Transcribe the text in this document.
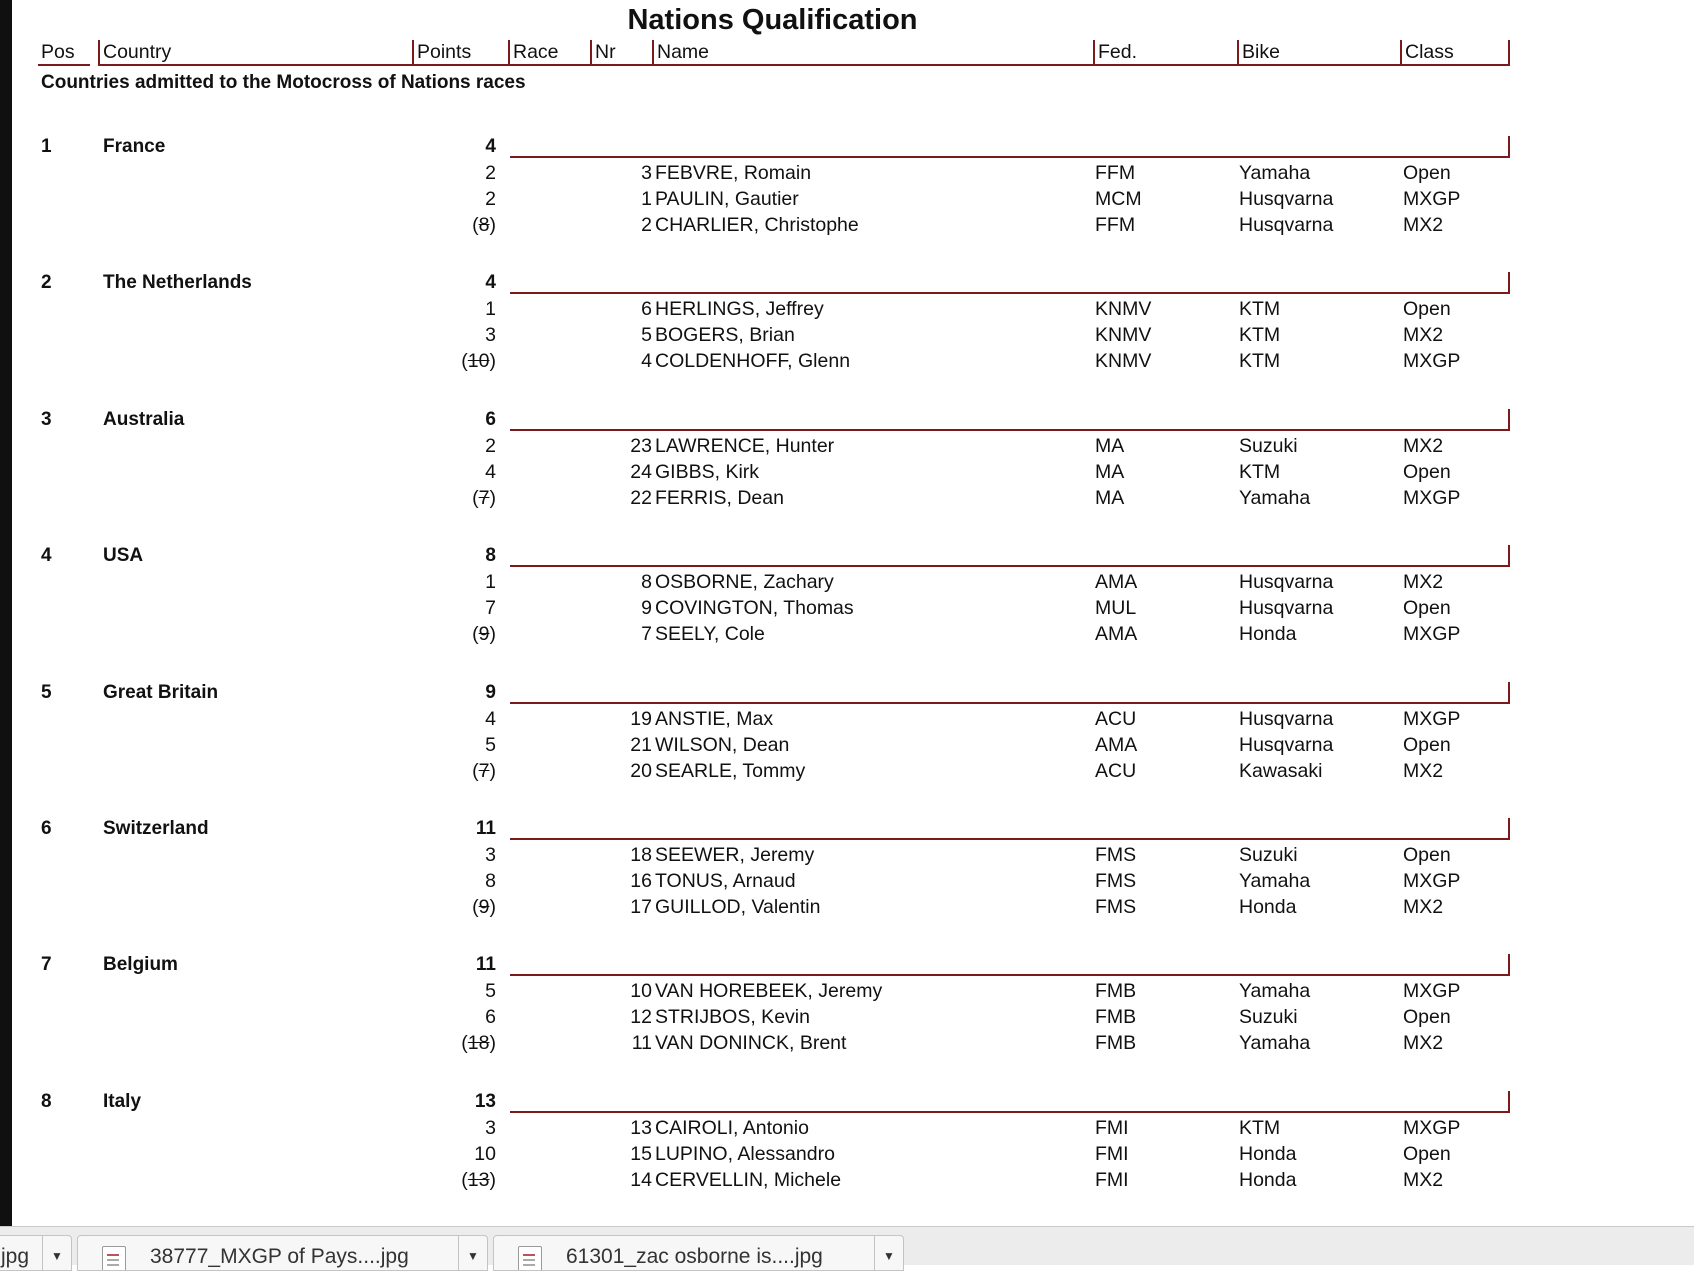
Nations Qualification
Pos Country	Points Race Nr Name	Fed.	Bike	Class
Countries admitted to the Motocross of Nations races
1	France	4
2	3 FEBVRE, Romain	FFM	Yamaha	Open
2	1 PAULIN, Gautier	MCM	Husqvarna	MXGP
(8)	2 CHARLIER, Christophe	FFM	Husqvarna	MX2
2	The Netherlands	4
1	6 HERLINGS, Jeffrey	KNMV	KTM	Open
3	5 BOGERS, Brian	KNMV	KTM	MX2
(10)	4 COLDENHOFF, Glenn	KNMV	KTM	MXGP
3	Australia	6
2	23 LAWRENCE, Hunter	MA	Suzuki	MX2
4	24 GIBBS, Kirk	MA	KTM	Open
(7)	22 FERRIS, Dean	MA	Yamaha	MXGP
4	USA	8
1	8 OSBORNE, Zachary	AMA	Husqvarna	MX2
7	9 COVINGTON, Thomas	MUL	Husqvarna	Open
(9)	7 SEELY, Cole	AMA	Honda	MXGP
5	Great Britain	9
4	19 ANSTIE, Max	ACU	Husqvarna	MXGP
5	21 WILSON, Dean	AMA	Husqvarna	Open
(7)	20 SEARLE, Tommy	ACU	Kawasaki	MX2
6	Switzerland	11
3	18 SEEWER, Jeremy	FMS	Suzuki	Open
8	16 TONUS, Arnaud	FMS	Yamaha	MXGP
(9)	17 GUILLOD, Valentin	FMS	Honda	MX2
7	Belgium	11
5	10 VAN HOREBEEK, Jeremy	FMB	Yamaha	MXGP
6	12 STRIJBOS, Kevin	FMB	Suzuki	Open
(18)	11 VAN DONINCK, Brent	FMB	Yamaha	MX2
8	Italy	13
3	13 CAIROLI, Antonio	FMI	KTM	MXGP
10	15 LUPINO, Alessandro	FMI	Honda	Open
(13)	14 CERVELLIN, Michele	FMI	Honda	MX2
jpg	▼	38777_MXGP of Pays....jpg	▼	61301_zac osborne is....jpg	▼
